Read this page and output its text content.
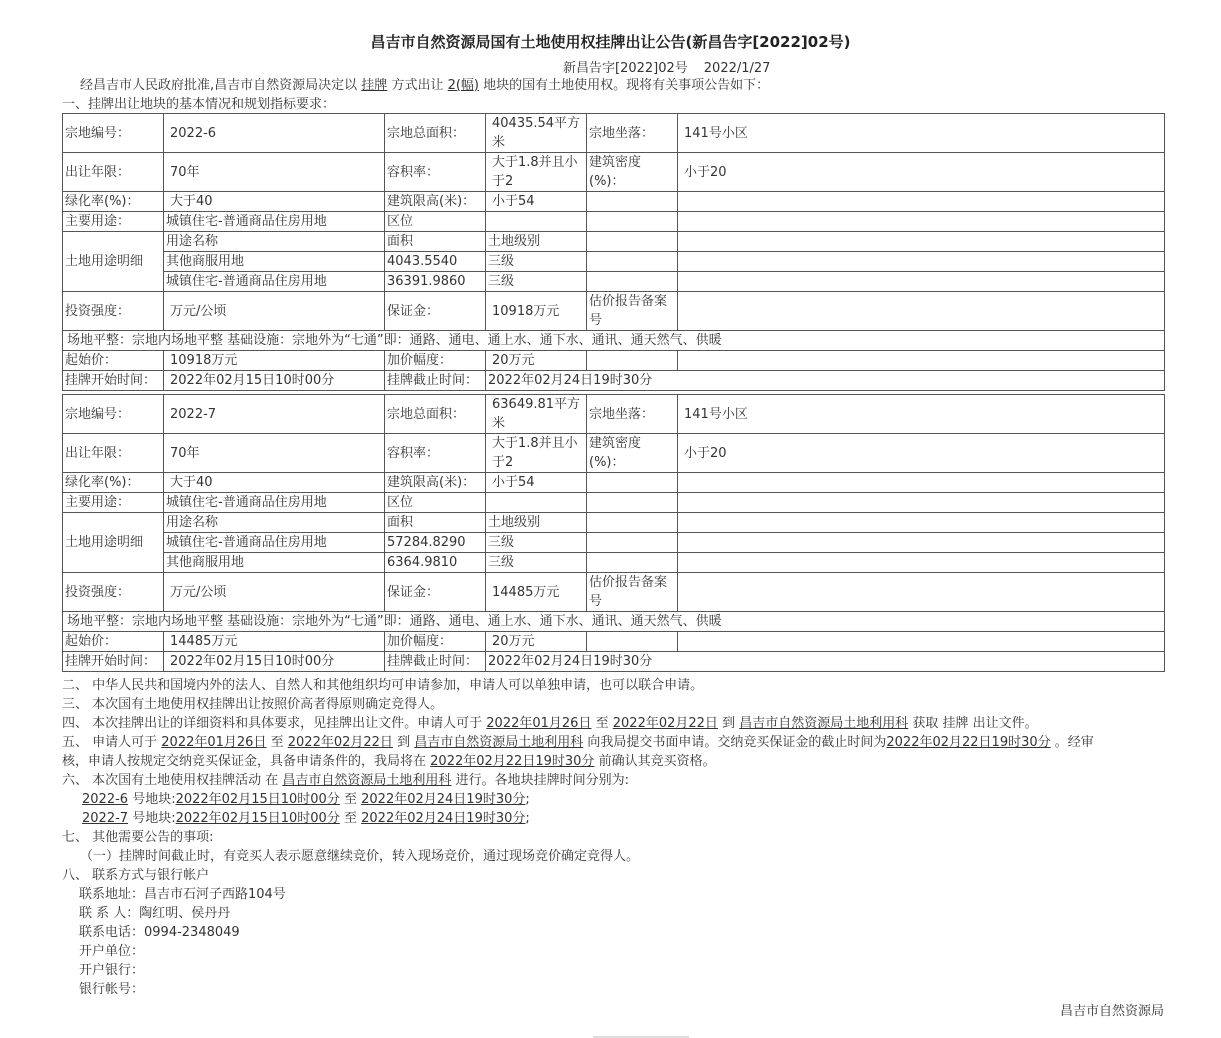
昌吉市自然资源局国有土地使用权挂牌出让公告(新昌告字[2022]02号)
新昌告字[2022]02号 2022/1/27
经昌吉市人民政府批准,昌吉市自然资源局决定以 挂牌 方式出让 2(幅) 地块的国有土地使用权。现将有关事项公告如下：
一、挂牌出让地块的基本情况和规划指标要求：
宗地编号：	2022-6	宗地总面积：	40435.54平方米	宗地坐落：	141号小区
出让年限：	70年	容积率：	大于1.8并且小于2	建筑密度(%)：	小于20
绿化率(%)：	大于40	建筑限高(米)：	小于54		
主要用途：	城镇住宅-普通商品住房用地	区位			
土地用途明细	用途名称	面积	土地级别		
	其他商服用地	4043.5540	三级		
	城镇住宅-普通商品住房用地	36391.9860	三级		
投资强度：	万元/公顷	保证金：	10918万元	估价报告备案号	
场地平整：宗地内场地平整 基础设施：宗地外为“七通”即：通路、通电、通上水、通下水、通讯、通天然气、供暖					
起始价：	10918万元	加价幅度：	20万元		
挂牌开始时间：	2022年02月15日10时00分	挂牌截止时间：	2022年02月24日19时30分		
宗地编号：	2022-7	宗地总面积：	63649.81平方米	宗地坐落：	141号小区
出让年限：	70年	容积率：	大于1.8并且小于2	建筑密度(%)：	小于20
绿化率(%)：	大于40	建筑限高(米)：	小于54		
主要用途：	城镇住宅-普通商品住房用地	区位			
土地用途明细	用途名称	面积	土地级别		
	城镇住宅-普通商品住房用地	57284.8290	三级		
	其他商服用地	6364.9810	三级		
投资强度：	万元/公顷	保证金：	14485万元	估价报告备案号	
场地平整：宗地内场地平整 基础设施：宗地外为“七通”即：通路、通电、通上水、通下水、通讯、通天然气、供暖					
起始价：	14485万元	加价幅度：	20万元		
挂牌开始时间：	2022年02月15日10时00分	挂牌截止时间：	2022年02月24日19时30分		
二、 中华人民共和国境内外的法人、自然人和其他组织均可申请参加，申请人可以单独申请，也可以联合申请。
三、 本次国有土地使用权挂牌出让按照价高者得原则确定竞得人。
四、 本次挂牌出让的详细资料和具体要求，见挂牌出让文件。申请人可于 2022年01月26日 至 2022年02月22日 到 昌吉市自然资源局土地利用科 获取 挂牌 出让文件。
五、 申请人可于 2022年01月26日 至 2022年02月22日 到 昌吉市自然资源局土地利用科 向我局提交书面申请。交纳竞买保证金的截止时间为2022年02月22日19时30分 。经审
核，申请人按规定交纳竞买保证金，具备申请条件的，我局将在 2022年02月22日19时30分 前确认其竞买资格。
六、 本次国有土地使用权挂牌活动 在 昌吉市自然资源局土地利用科 进行。各地块挂牌时间分别为:
2022-6 号地块:2022年02月15日10时00分 至 2022年02月24日19时30分;
2022-7 号地块:2022年02月15日10时00分 至 2022年02月24日19时30分;
七、 其他需要公告的事项:
（一）挂牌时间截止时，有竞买人表示愿意继续竞价，转入现场竞价，通过现场竞价确定竞得人。
八、 联系方式与银行帐户
联系地址：昌吉市石河子西路104号
联 系 人：陶红明、侯丹丹
联系电话：0994-2348049
开户单位：
开户银行：
银行帐号：
昌吉市自然资源局
